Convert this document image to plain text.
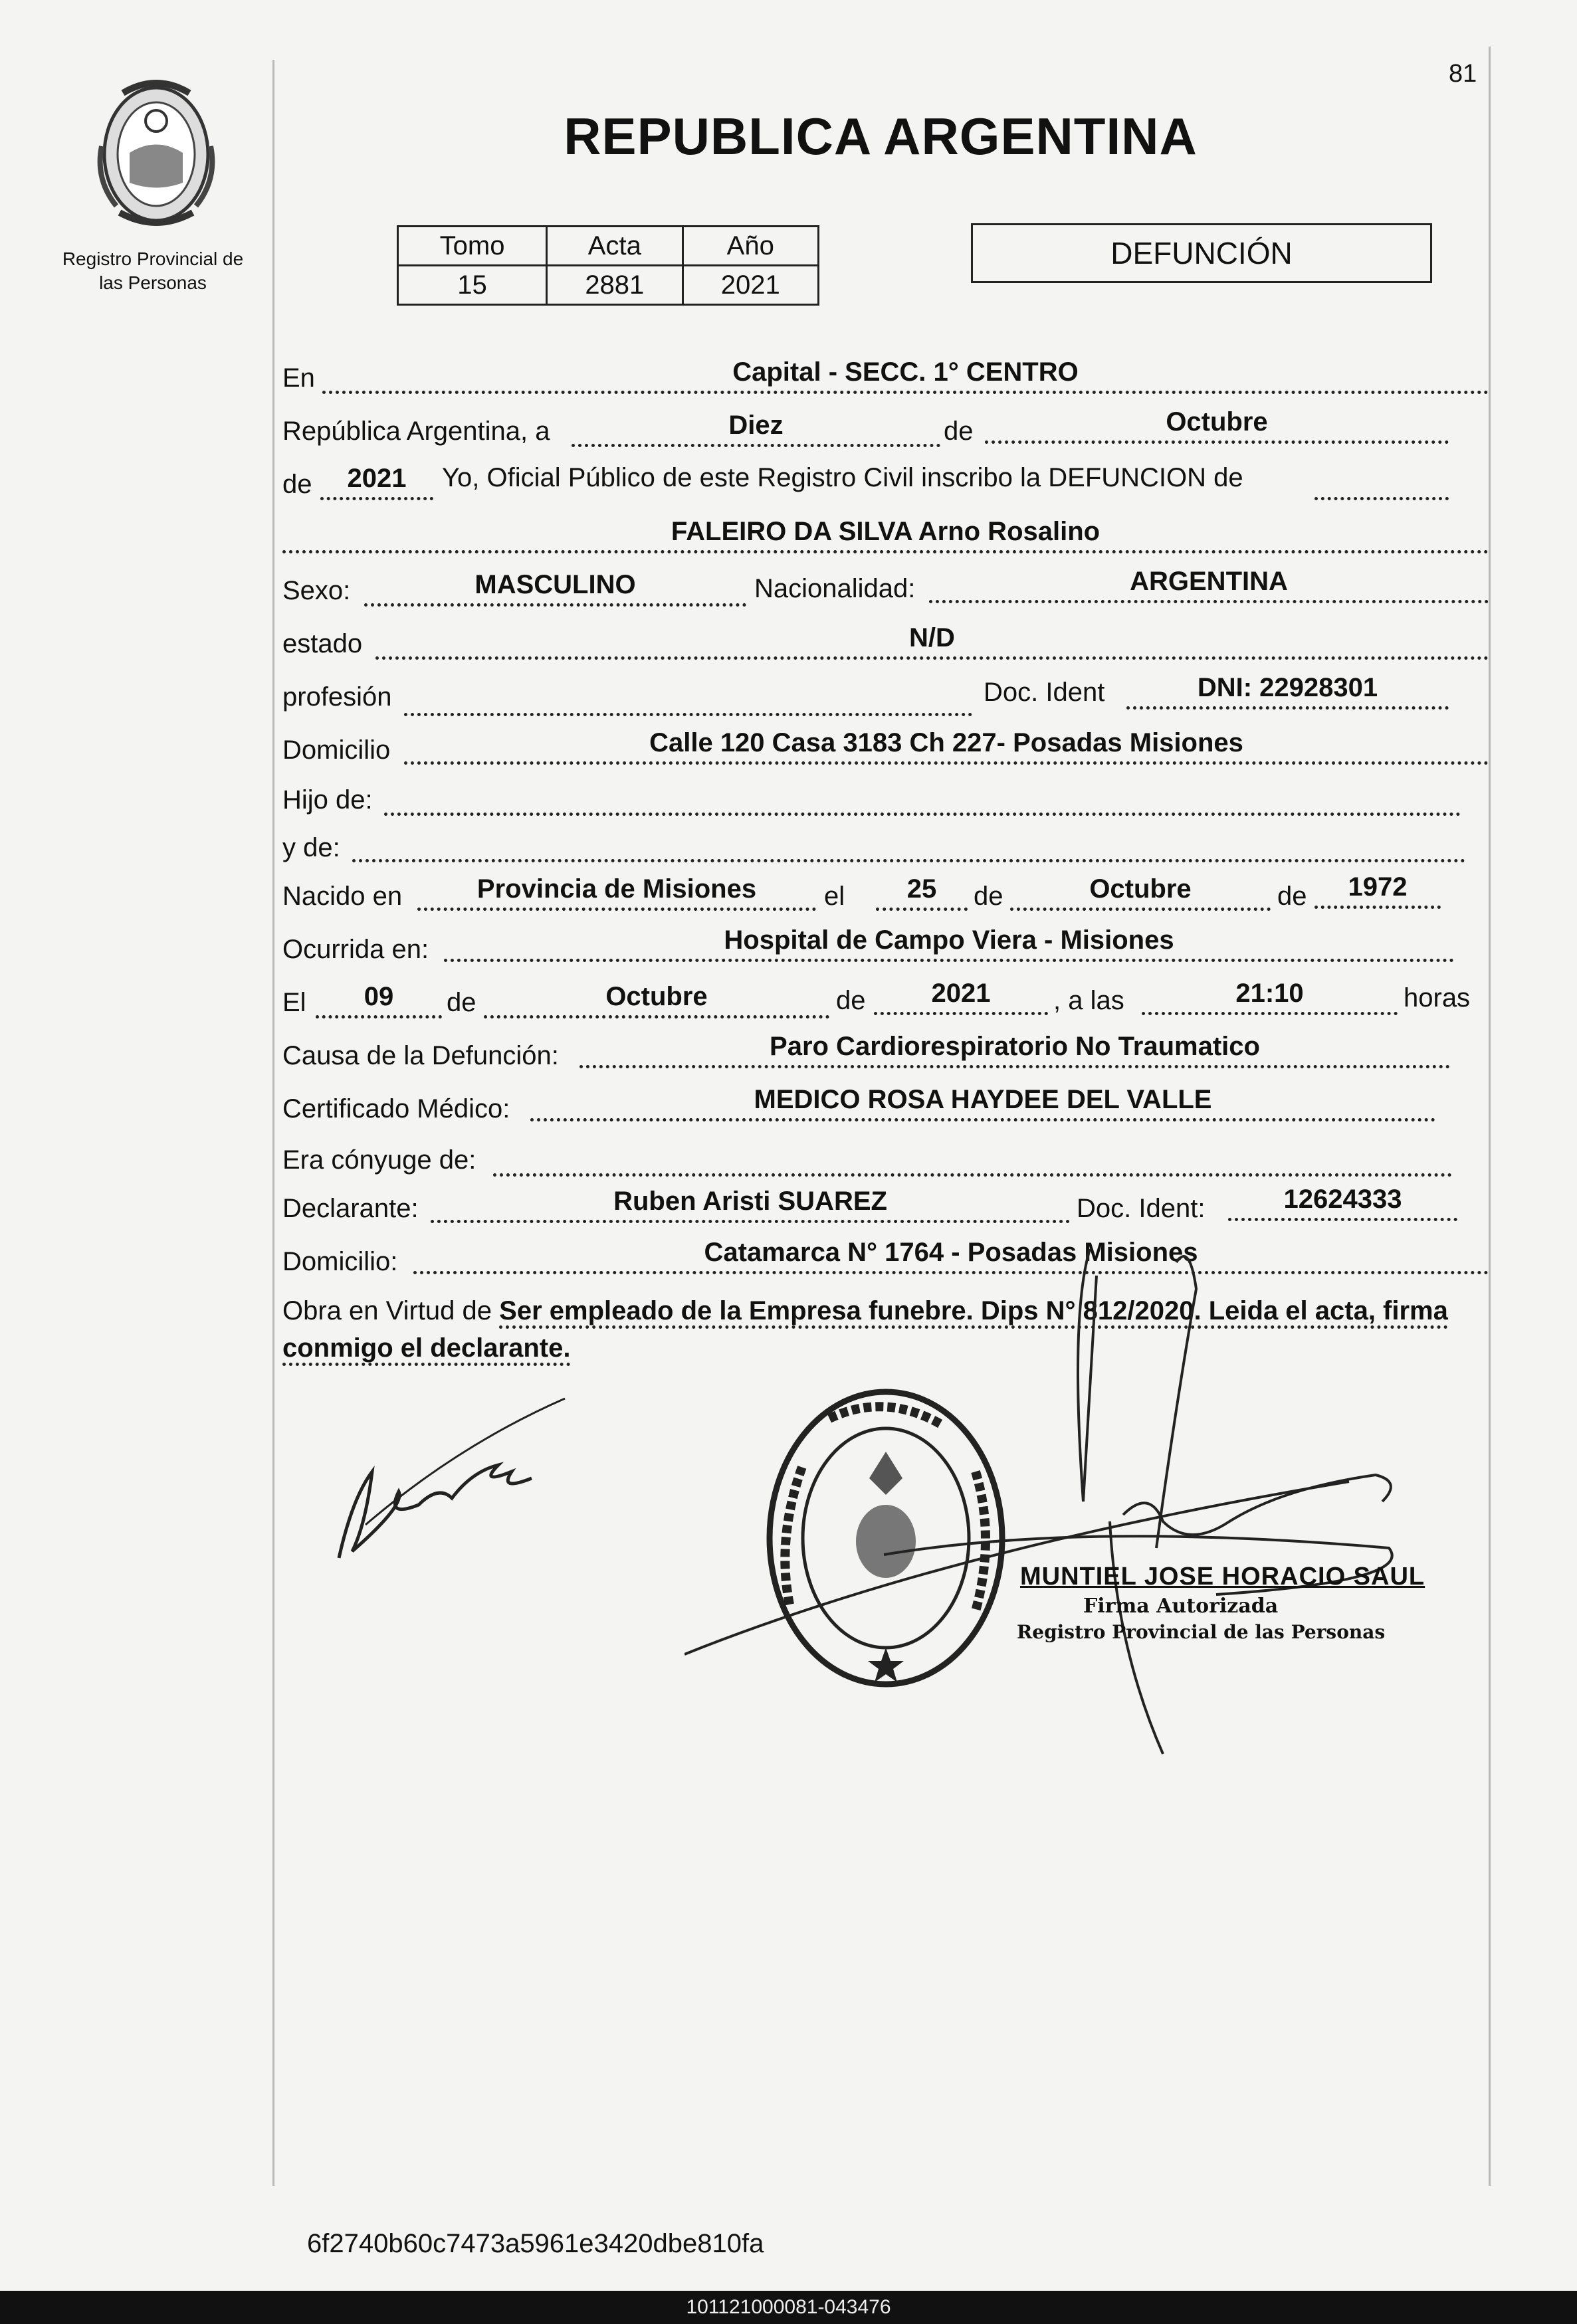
81
Registro Provincial de
las Personas
REPUBLICA ARGENTINA
Tomo	Acta	Año
15	2881	2021
DEFUNCIÓN
En	Capital - SECC. 1° CENTRO
República Argentina, a	Diez	de	Octubre
de	2021	Yo, Oficial Público de este Registro Civil inscribo la DEFUNCION de
FALEIRO DA SILVA Arno Rosalino
Sexo:	MASCULINO	Nacionalidad:	ARGENTINA
estado	N/D
profesión	Doc. Ident	DNI: 22928301
Domicilio	Calle 120 Casa 3183 Ch 227- Posadas Misiones
Hijo de:
y de:
Nacido en	Provincia de Misiones	el	25	de	Octubre	de	1972
Ocurrida en:	Hospital de Campo Viera - Misiones
El	09	de	Octubre	de	2021	, a las	21:10	horas
Causa de la Defunción:	Paro Cardiorespiratorio No Traumatico
Certificado Médico:	MEDICO ROSA HAYDEE DEL VALLE
Era cónyuge de:
Declarante:	Ruben Aristi SUAREZ	Doc. Ident:	12624333
Domicilio:	Catamarca N° 1764 - Posadas Misiones
Obra en Virtud de Ser empleado de la Empresa funebre. Dips N° 812/2020. Leida el acta, firma conmigo el declarante.
MUNTIEL JOSE HORACIO SAUL
Firma Autorizada
Registro Provincial de las Personas
6f2740b60c7473a5961e3420dbe810fa
101121000081-043476
